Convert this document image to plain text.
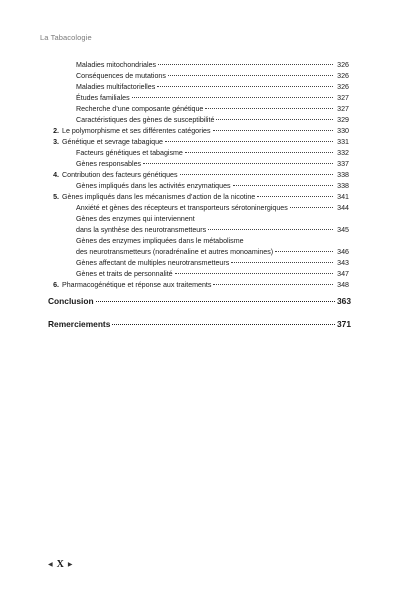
La Tabacologie
Maladies mitochondriales	326
Conséquences de mutations	326
Maladies multifactorielles	326
Études familiales	327
Recherche d’une composante génétique	327
Caractéristiques des gènes de susceptibilité	329
2. Le polymorphisme et ses différentes catégories	330
3. Génétique et sevrage tabagique	331
Facteurs génétiques et tabagisme	332
Gènes responsables	337
4. Contribution des facteurs génétiques	338
Gènes impliqués dans les activités enzymatiques	338
5. Gènes impliqués dans les mécanismes d’action de la nicotine	341
Anxiété et gènes des récepteurs et transporteurs sérotoninergiques	344
Gènes des enzymes qui interviennent
dans la synthèse des neurotransmetteurs	345
Gènes des enzymes impliquées dans le métabolisme
des neurotransmetteurs (noradrénaline et autres monoamines)	346
Gènes affectant de multiples neurotransmetteurs	343
Gènes et traits de personnalité	347
6. Pharmacogénétique et réponse aux traitements	348
Conclusion	363
Remerciements	371
◀ X ▶
